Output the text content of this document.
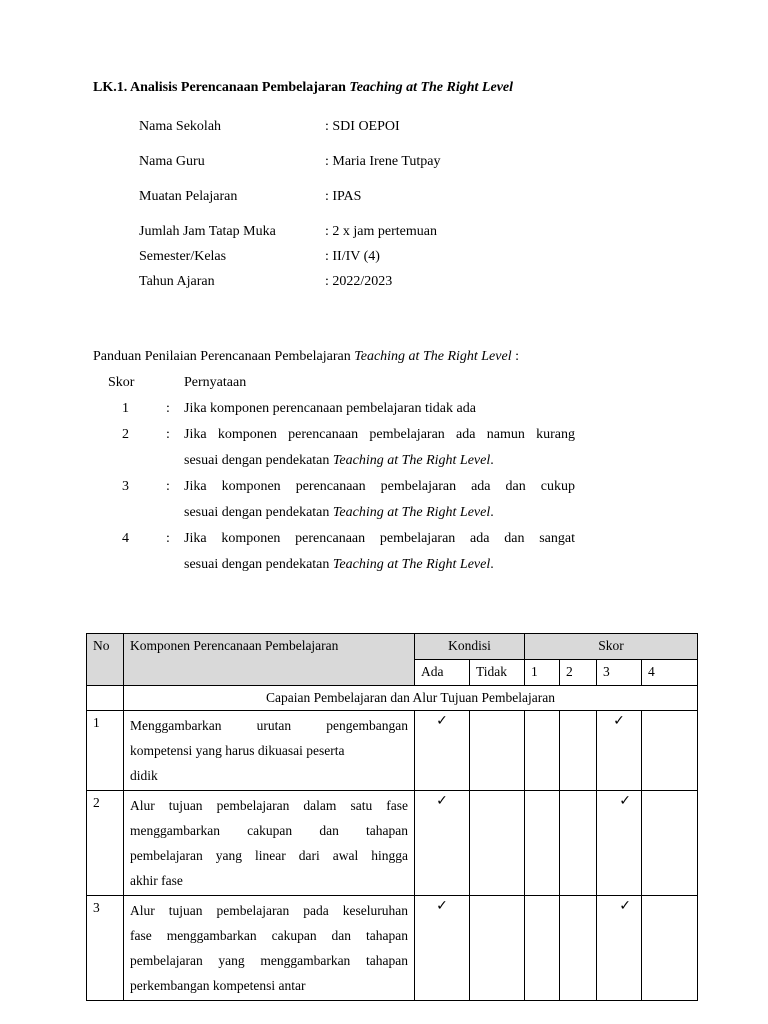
LK.1. Analisis Perencanaan Pembelajaran Teaching at The Right Level
Nama Sekolah	: SDI OEPOI
Nama Guru	: Maria Irene Tutpay
Muatan Pelajaran	: IPAS
Jumlah Jam Tatap Muka	: 2 x jam pertemuan
Semester/Kelas	: II/IV (4)
Tahun Ajaran	: 2022/2023
Panduan Penilaian Perencanaan Pembelajaran Teaching at The Right Level :
Skor	Pernyataan
1	: Jika komponen perencanaan pembelajaran tidak ada
2	: Jika komponen perencanaan pembelajaran ada namun kurang
sesuai dengan pendekatan Teaching at The Right Level.
3	: Jika komponen perencanaan pembelajaran ada dan cukup
sesuai dengan pendekatan Teaching at The Right Level.
4	: Jika komponen perencanaan pembelajaran ada dan sangat
sesuai dengan pendekatan Teaching at The Right Level.
No	Komponen Perencanaan Pembelajaran	Kondisi		Skor			
		Ada	Tidak	1	2	3	4
	Capaian Pembelajaran dan Alur Tujuan Pembelajaran						
1	Menggambarkan urutan pengembangan
kompetensi yang harus dikuasai peserta
didik	✓				✓	
2	Alur tujuan pembelajaran dalam satu fase
menggambarkan cakupan dan tahapan
pembelajaran yang linear dari awal hingga
akhir fase	✓				✓	
3	Alur tujuan pembelajaran pada keseluruhan
fase menggambarkan cakupan dan tahapan
pembelajaran yang menggambarkan tahapan
perkembangan kompetensi antar	✓				✓	
